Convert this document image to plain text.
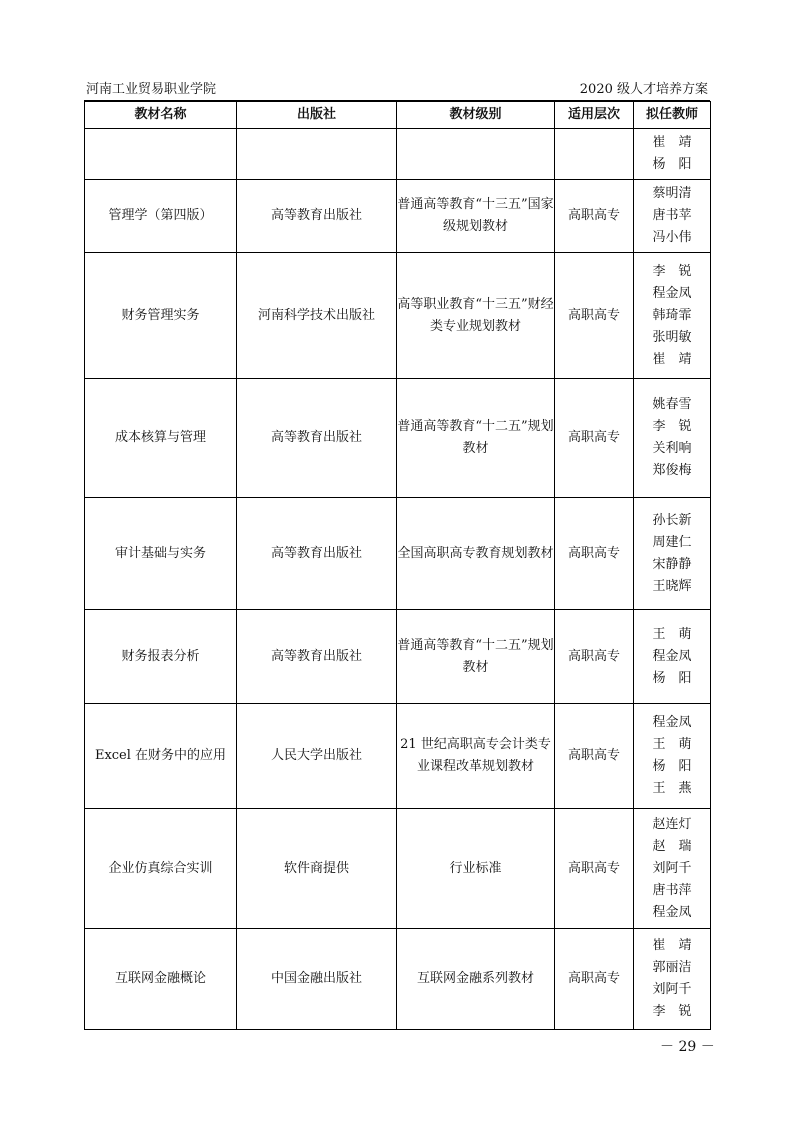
河南工业贸易职业学院	2020 级人才培养方案
教材名称	出版社	教材级别	适用层次	拟任教师

				崔　靖
杨　阳

管理学（第四版）	高等教育出版社	普通高等教育“十三五”国家级规划教材	高职高专	蔡明清
唐书苹
冯小伟

财务管理实务	河南科学技术出版社	高等职业教育“十三五”财经类专业规划教材	高职高专	李　锐
程金凤
韩琦霏
张明敏
崔　靖

成本核算与管理	高等教育出版社	普通高等教育“十二五”规划教材	高职高专	姚春雪
李　锐
关利响
郑俊梅

审计基础与实务	高等教育出版社	全国高职高专教育规划教材	高职高专	孙长新
周建仁
宋静静
王晓辉

财务报表分析	高等教育出版社	普通高等教育“十二五”规划教材	高职高专	王　萌
程金凤
杨　阳

Excel 在财务中的应用	人民大学出版社	21 世纪高职高专会计类专业课程改革规划教材	高职高专	程金凤
王　萌
杨　阳
王　燕

企业仿真综合实训	软件商提供	行业标准	高职高专	赵连灯
赵　瑞
刘阿千
唐书萍
程金凤

互联网金融概论	中国金融出版社	互联网金融系列教材	高职高专	崔　靖
郭丽洁
刘阿千
李　锐
－ 29 －
